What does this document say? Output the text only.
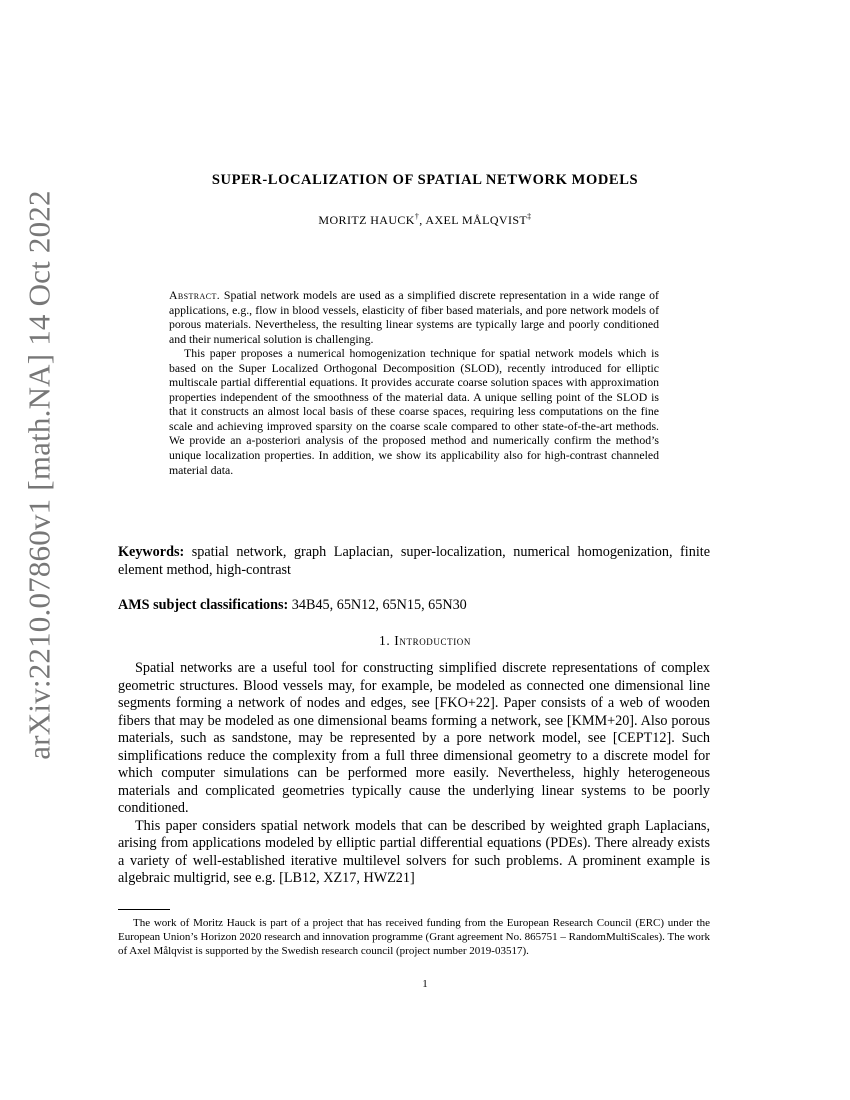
arXiv:2210.07860v1 [math.NA] 14 Oct 2022
SUPER-LOCALIZATION OF SPATIAL NETWORK MODELS
MORITZ HAUCK†, AXEL MÅLQVIST‡

Abstract. Spatial network models are used as a simplified discrete representation in a wide range of applications, e.g., flow in blood vessels, elasticity of fiber based materials, and pore network models of porous materials. Nevertheless, the resulting linear systems are typically large and poorly conditioned and their numerical solution is challenging.

This paper proposes a numerical homogenization technique for spatial network models which is based on the Super Localized Orthogonal Decomposition (SLOD), recently introduced for elliptic multiscale partial differential equations. It provides accurate coarse solution spaces with approximation properties independent of the smoothness of the material data. A unique selling point of the SLOD is that it constructs an almost local basis of these coarse spaces, requiring less computations on the fine scale and achieving improved sparsity on the coarse scale compared to other state-of-the-art methods. We provide an a-posteriori analysis of the proposed method and numerically confirm the method’s unique localization properties. In addition, we show its applicability also for high-contrast channeled material data.

Keywords: spatial network, graph Laplacian, super-localization, numerical homogenization, finite element method, high-contrast

AMS subject classifications: 34B45, 65N12, 65N15, 65N30

1. Introduction

Spatial networks are a useful tool for constructing simplified discrete representations of complex geometric structures. Blood vessels may, for example, be modeled as connected one dimensional line segments forming a network of nodes and edges, see [FKO+22]. Paper consists of a web of wooden fibers that may be modeled as one dimensional beams forming a network, see [KMM+20]. Also porous materials, such as sandstone, may be represented by a pore network model, see [CEPT12]. Such simplifications reduce the complexity from a full three dimensional geometry to a discrete model for which computer simulations can be performed more easily. Nevertheless, highly heterogeneous materials and complicated geometries typically cause the underlying linear systems to be poorly conditioned.

This paper considers spatial network models that can be described by weighted graph Laplacians, arising from applications modeled by elliptic partial differential equations (PDEs). There already exists a variety of well-established iterative multilevel solvers for such problems. A prominent example is algebraic multigrid, see e.g. [LB12, XZ17, HWZ21]

The work of Moritz Hauck is part of a project that has received funding from the European Research Council (ERC) under the European Union’s Horizon 2020 research and innovation programme (Grant agreement No. 865751 – RandomMultiScales). The work of Axel Målqvist is supported by the Swedish research council (project number 2019-03517).
1
